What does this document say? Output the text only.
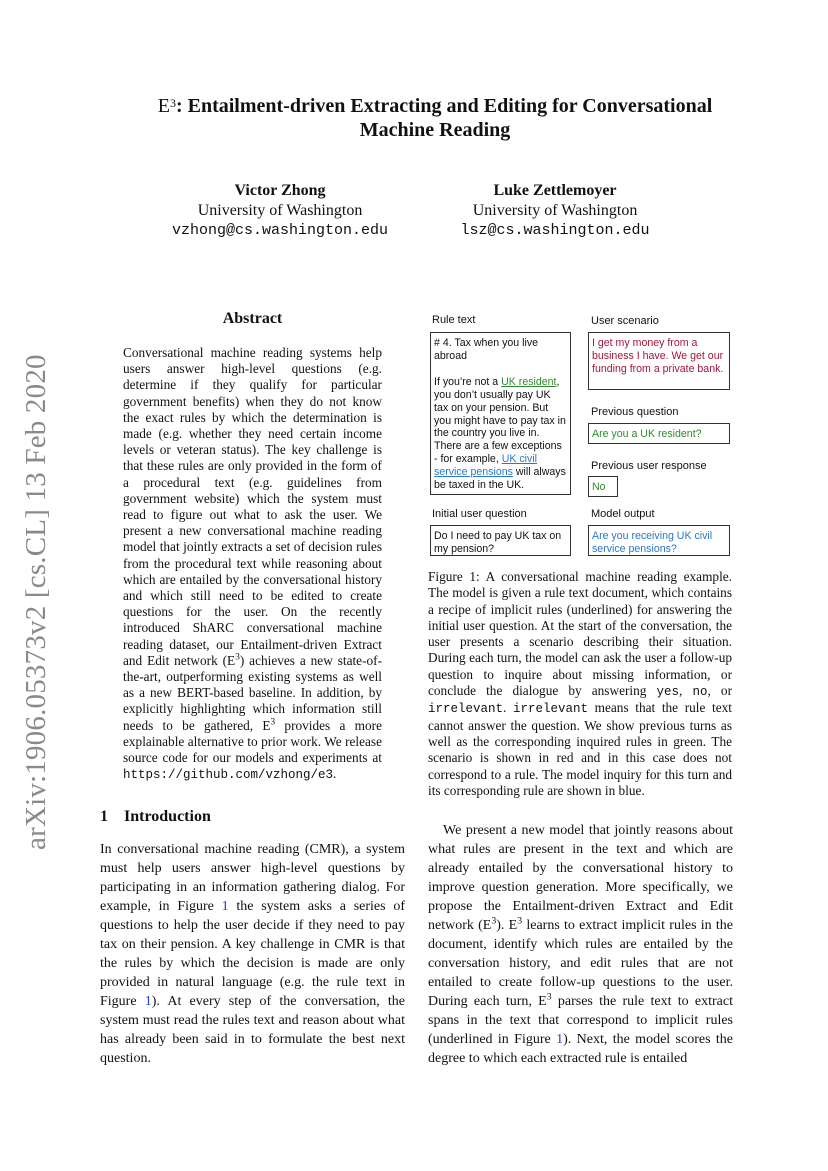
arXiv:1906.05373v2 [cs.CL] 13 Feb 2020
$E^3$: Entailment-driven Extracting and Editing for Conversational
Machine Reading
Victor Zhong
University of Washington
vzhong@cs.washington.edu
Luke Zettlemoyer
University of Washington
lsz@cs.washington.edu
Abstract
Conversational machine reading systems help users answer high-level questions (e.g. determine if they qualify for particular government benefits) when they do not know the exact rules by which the determination is made (e.g. whether they need certain income levels or veteran status). The key challenge is that these rules are only provided in the form of a procedural text (e.g. guidelines from government website) which the system must read to figure out what to ask the user. We present a new conversational machine reading model that jointly extracts a set of decision rules from the procedural text while reasoning about which are entailed by the conversational history and which still need to be edited to create questions for the user. On the recently introduced ShARC conversational machine reading dataset, our Entailment-driven Extract and Edit network $(E^3)$ achieves a new state-of-the-art, outperforming existing systems as well as a new BERT-based baseline. In addition, by explicitly highlighting which information still needs to be gathered, $E^3$ provides a more explainable alternative to prior work. We release source code for our models and experiments at https://github.com/vzhong/e3.
1 Introduction
In conversational machine reading (CMR), a system must help users answer high-level questions by participating in an information gathering dialog. For example, in Figure 1 the system asks a series of questions to help the user decide if they need to pay tax on their pension. A key challenge in CMR is that the rules by which the decision is made are only provided in natural language (e.g. the rule text in Figure 1). At every step of the conversation, the system must read the rules text and reason about what has already been said in to formulate the best next question.
Rule text
# 4. Tax when you live abroad
If you’re not a UK resident, you don’t usually pay UK tax on your pension. But you might have to pay tax in the country you live in. There are a few exceptions - for example, UK civil service pensions will always be taxed in the UK.
User scenario
I get my money from a business I have. We get our funding from a private bank.
Previous question
Are you a UK resident?
Previous user response
No
Initial user question
Do I need to pay UK tax on my pension?
Model output
Are you receiving UK civil service pensions?
Figure 1: A conversational machine reading example. The model is given a rule text document, which contains a recipe of implicit rules (underlined) for answering the initial user question. At the start of the conversation, the user presents a scenario describing their situation. During each turn, the model can ask the user a follow-up question to inquire about missing information, or conclude the dialogue by answering yes, no, or irrelevant. irrelevant means that the rule text cannot answer the question. We show previous turns as well as the corresponding inquired rules in green. The scenario is shown in red and in this case does not correspond to a rule. The model inquiry for this turn and its corresponding rule are shown in blue.

We present a new model that jointly reasons about what rules are present in the text and which are already entailed by the conversational history to improve question generation. More specifically, we propose the Entailment-driven Extract and Edit network $(E^3)$. $E^3$ learns to extract implicit rules in the document, identify which rules are entailed by the conversation history, and edit rules that are not entailed to create follow-up questions to the user. During each turn, $E^3$ parses the rule text to extract spans in the text that correspond to implicit rules (underlined in Figure 1). Next, the model scores the degree to which each extracted rule is entailed
